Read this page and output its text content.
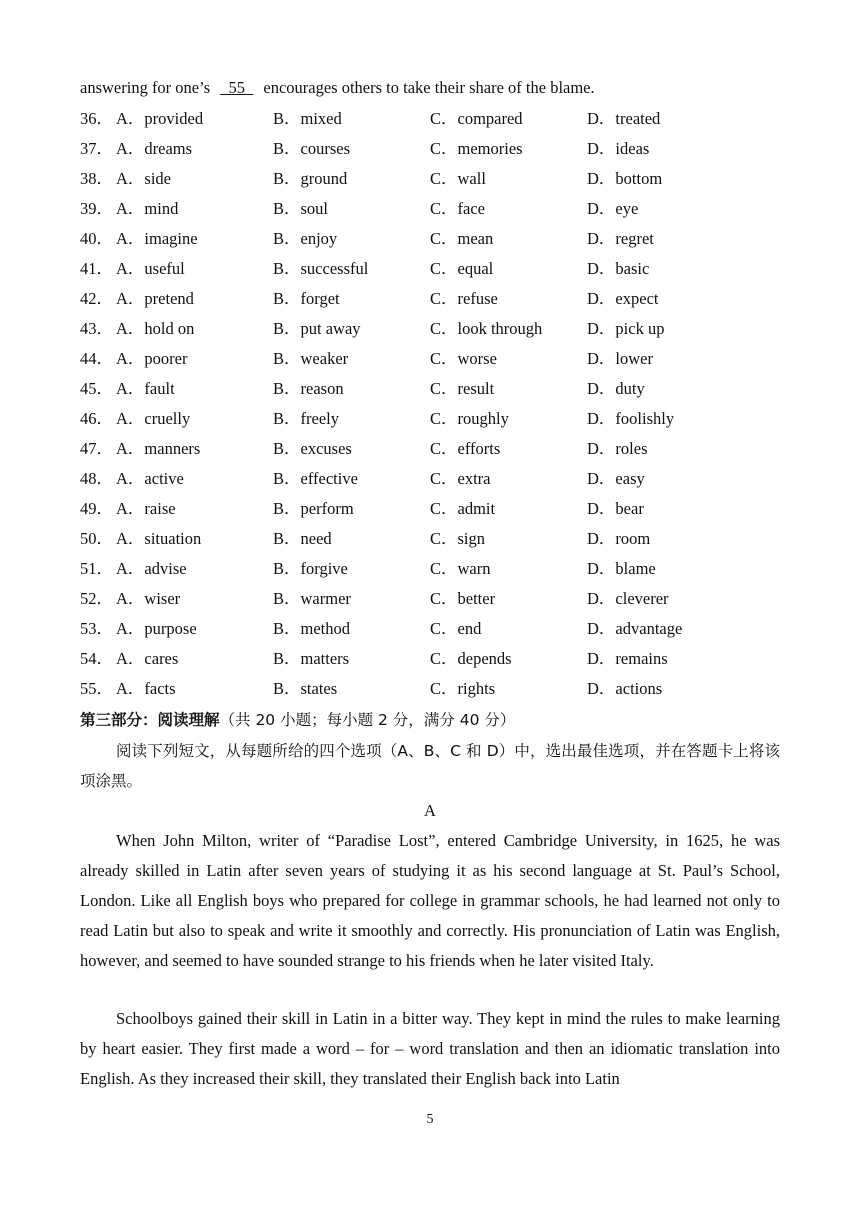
answering for one’s   55   encourages others to take their share of the blame.
36． A．provided	B．mixed	C．compared	D．treated
37． A．dreams	B．courses	C．memories	D．ideas
38． A．side	B．ground	C．wall	D．bottom
39． A．mind	B．soul	C．face	D．eye
40． A．imagine	B．enjoy	C．mean	D．regret
41． A．useful	B．successful	C．equal	D．basic
42． A．pretend	B．forget	C．refuse	D．expect
43． A．hold on	B．put away	C．look through	D．pick up
44． A．poorer	B．weaker	C．worse	D．lower
45． A．fault	B．reason	C．result	D．duty
46． A．cruelly	B．freely	C．roughly	D．foolishly
47． A．manners	B．excuses	C．efforts	D．roles
48． A．active	B．effective	C．extra	D．easy
49． A．raise	B．perform	C．admit	D．bear
50． A．situation	B．need	C．sign	D．room
51． A．advise	B．forgive	C．warn	D．blame
52． A．wiser	B．warmer	C．better	D．cleverer
53． A．purpose	B．method	C．end	D．advantage
54． A．cares	B．matters	C．depends	D．remains
55． A．facts	B．states	C．rights	D．actions
第三部分：阅读理解（共 20 小题；每小题 2 分，满分 40 分）
阅读下列短文，从每题所给的四个选项（A、B、C 和 D）中，选出最佳选项，并在答题卡上将该项涂黑。
A
When John Milton, writer of “Paradise Lost”, entered Cambridge University, in 1625, he was already skilled in Latin after seven years of studying it as his second language at St. Paul’s School, London. Like all English boys who prepared for college in grammar schools, he had learned not only to read Latin but also to speak and write it smoothly and correctly. His pronunciation of Latin was English, however, and seemed to have sounded strange to his friends when he later visited Italy.
Schoolboys gained their skill in Latin in a bitter way. They kept in mind the rules to make learning by heart easier. They first made a word – for – word translation and then an idiomatic translation into English. As they increased their skill, they translated their English back into Latin
5
